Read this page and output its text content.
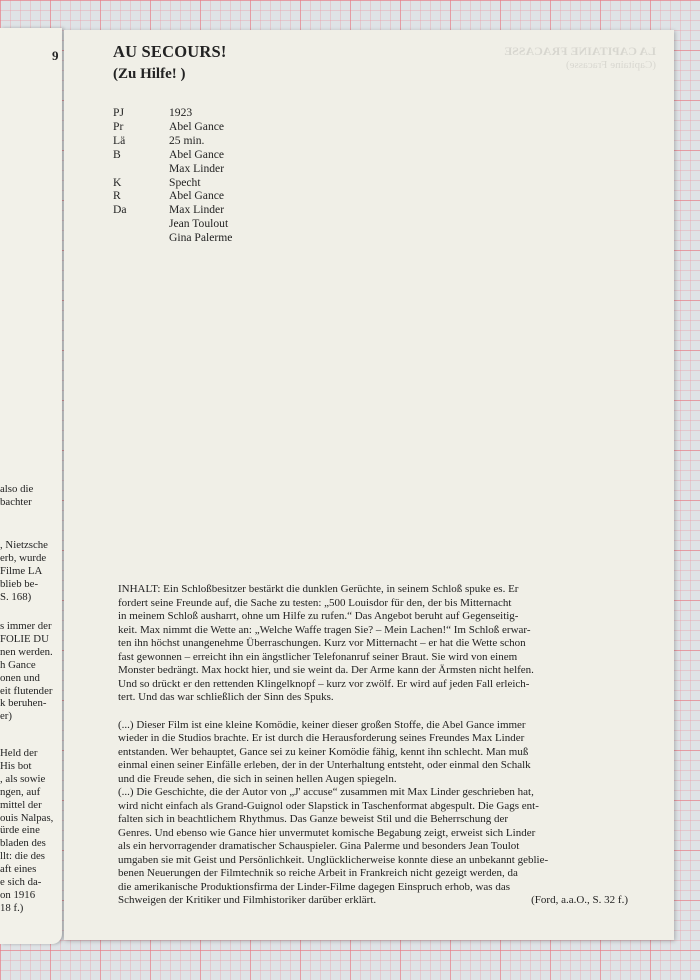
9
also die
bachter
, Nietzsche
erb, wurde
Filme LA
blieb be-
S. 168)
s immer der
FOLIE DU
nen werden.
h Gance
onen und
eit flutender
k beruhen-
er)
Held der
His bot
, als sowie
ngen, auf
mittel der
ouis Nalpas,
ürde eine
bladen des
llt: die des
aft eines
e sich da-
on 1916
18 f.)
LA CAPITAINE FRACASSE
(Capitaine Fracasse)
AU SECOURS!
(Zu Hilfe! )
PJ	1923
Pr	Abel Gance
Lä	25 min.
B	Abel Gance
Max Linder
K	Specht
R	Abel Gance
Da	Max Linder
Jean Toulout
Gina Palerme
INHALT: Ein Schloßbesitzer bestärkt die dunklen Gerüchte, in seinem Schloß spuke es. Er
fordert seine Freunde auf, die Sache zu testen: „500 Louisdor für den, der bis Mitternacht
in meinem Schloß ausharrt, ohne um Hilfe zu rufen.“ Das Angebot beruht auf Gegenseitig-
keit. Max nimmt die Wette an: „Welche Waffe tragen Sie? – Mein Lachen!“ Im Schloß erwar-
ten ihn höchst unangenehme Überraschungen. Kurz vor Mitternacht – er hat die Wette schon
fast gewonnen – erreicht ihn ein ängstlicher Telefonanruf seiner Braut. Sie wird von einem
Monster bedrängt. Max hockt hier, und sie weint da. Der Arme kann der Ärmsten nicht helfen.
Und so drückt er den rettenden Klingelknopf – kurz vor zwölf. Er wird auf jeden Fall erleich-
tert. Und das war schließlich der Sinn des Spuks.
(...) Dieser Film ist eine kleine Komödie, keiner dieser großen Stoffe, die Abel Gance immer
wieder in die Studios brachte. Er ist durch die Herausforderung seines Freundes Max Linder
entstanden. Wer behauptet, Gance sei zu keiner Komödie fähig, kennt ihn schlecht. Man muß
einmal einen seiner Einfälle erleben, der in der Unterhaltung entsteht, oder einmal den Schalk
und die Freude sehen, die sich in seinen hellen Augen spiegeln.
(...) Die Geschichte, die der Autor von „J' accuse“ zusammen mit Max Linder geschrieben hat,
wird nicht einfach als Grand-Guignol oder Slapstick in Taschenformat abgespult. Die Gags ent-
falten sich in beachtlichem Rhythmus. Das Ganze beweist Stil und die Beherrschung der
Genres. Und ebenso wie Gance hier unvermutet komische Begabung zeigt, erweist sich Linder
als ein hervorragender dramatischer Schauspieler. Gina Palerme und besonders Jean Toulot
umgaben sie mit Geist und Persönlichkeit. Unglücklicherweise konnte diese an unbekannt geblie-
benen Neuerungen der Filmtechnik so reiche Arbeit in Frankreich nicht gezeigt werden, da
die amerikanische Produktionsfirma der Linder-Filme dagegen Einspruch erhob, was das
Schweigen der Kritiker und Filmhistoriker darüber erklärt.	(Ford, a.a.O., S. 32 f.)
